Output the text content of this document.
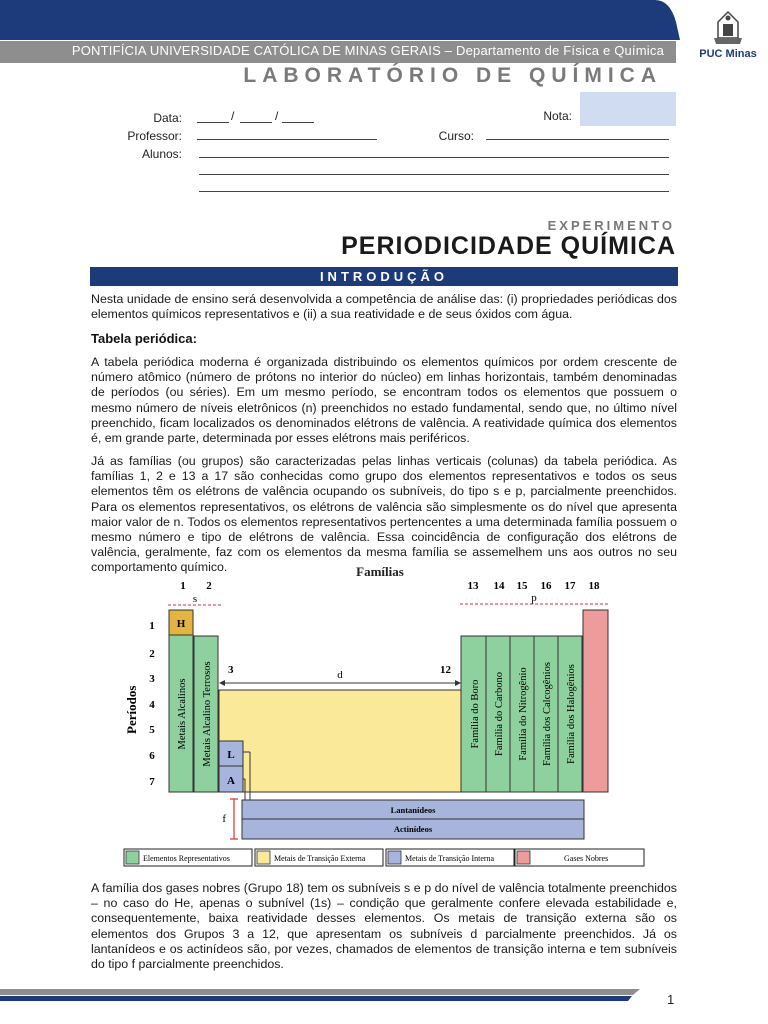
PONTIFÍCIA UNIVERSIDADE CATÓLICA DE MINAS GERAIS – Departamento de Física e Química
LABORATÓRIO DE QUÍMICA
PUC Minas
Data:	/	/	Nota:
Professor:	Curso:
Alunos:
EXPERIMENTO
PERIODICIDADE QUÍMICA
INTRODUÇÃO
Nesta unidade de ensino será desenvolvida a competência de análise das: (i) propriedades periódicas dos elementos químicos representativos e (ii) a sua reatividade e de seus óxidos com água.
Tabela periódica:
A tabela periódica moderna é organizada distribuindo os elementos químicos por ordem crescente de número atômico (número de prótons no interior do núcleo) em linhas horizontais, também denominadas de períodos (ou séries). Em um mesmo período, se encontram todos os elementos que possuem o mesmo número de níveis eletrônicos (n) preenchidos no estado fundamental, sendo que, no último nível preenchido, ficam localizados os denominados elétrons de valência. A reatividade química dos elementos é, em grande parte, determinada por esses elétrons mais periféricos.
Já as famílias (ou grupos) são caracterizadas pelas linhas verticais (colunas) da tabela periódica. As famílias 1, 2 e 13 a 17 são conhecidas como grupo dos elementos representativos e todos os seus elementos têm os elétrons de valência ocupando os subníveis, do tipo s e p, parcialmente preenchidos. Para os elementos representativos, os elétrons de valência são simplesmente os do nível que apresenta maior valor de n. Todos os elementos representativos pertencentes a uma determinada família possuem o mesmo número e tipo de elétrons de valência. Essa coincidência de configuração dos elétrons de valência, geralmente, faz com os elementos da mesma família se assemelhem uns aos outros no seu comportamento químico.	Famílias
1 2	13 14 15 16 17 18
s	p
1
2
3
4
5
6
7
Períodos
3	12
d
L
A
H
Metais Alcalinos Metais Alcalino Terrosos	Família do Boro Família do Carbono Família do Nitrogênio Família dos Calcogênios Família dos Halogênios
f
Lantanídeos
Actinídeos
Elementos Representativos	Metais de Transição Externa	Metais de Transição Interna	Gases Nobres
A família dos gases nobres (Grupo 18) tem os subníveis s e p do nível de valência totalmente preenchidos – no caso do He, apenas o subnível (1s) – condição que geralmente confere elevada estabilidade e, consequentemente, baixa reatividade desses elementos. Os metais de transição externa são os elementos dos Grupos 3 a 12, que apresentam os subníveis d parcialmente preenchidos. Já os lantanídeos e os actinídeos são, por vezes, chamados de elementos de transição interna e tem subníveis do tipo f parcialmente preenchidos.
1
